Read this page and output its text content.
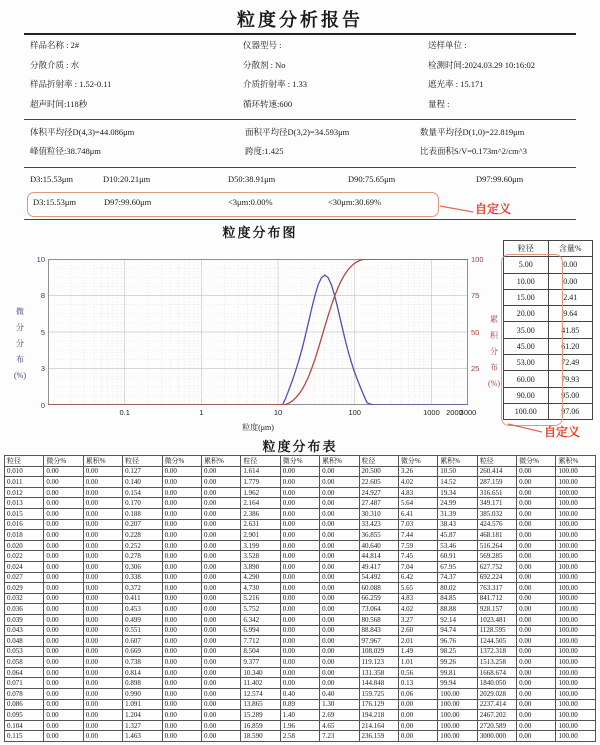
粒度分析报告
样品名称 : 2#	仪器型号 :	送样单位 :
分散介质 : 水	分散剂 : No	检测时间:2024.03.29 10:16:02
样品折射率 : 1.52-0.11	介质折射率 : 1.33	遮光率 : 15.171
超声时间:118秒	循环转速:600	量程 :
体积平均径D(4,3)=44.086μm	面积平均径D(3,2)=34.593μm	数量平均径D(1,0)=22.819μm
峰值粒径:38.748μm	跨度:1.425	比表面积S/V=0.173m^2/cm^3
自定义
粒度分布图
微
分
分
布
(%)
累
积
分
布
(%)
粒度(μm)
10
8
5
3
0
100
75
50
25
0.1	1	10	100	1000 2000
3000
粒径	含量%
5.00	0.00
10.00	0.00
15.00	2.41
20.00	9.64
35.00	41.85
45.00	61.20
53.00	72.49
60.00	79.93
90.00	95.00
100.00	97.06
自定义
粒度分布表
粒径	微分%	累积%	粒径	微分%	累积%	粒径	微分%	累积%	粒径	微分%	累积%	粒径	微分%	累积%
0.010	0.00	0.00	0.127	0.00	0.00	1.614	0.00	0.00	20.500	3.26	10.50	260.414	0.00	100.00
0.011	0.00	0.00	0.140	0.00	0.00	1.779	0.00	0.00	22.605	4.02	14.52	287.159	0.00	100.00
0.012	0.00	0.00	0.154	0.00	0.00	1.962	0.00	0.00	24.927	4.83	19.34	316.651	0.00	100.00
0.013	0.00	0.00	0.170	0.00	0.00	2.164	0.00	0.00	27.487	5.64	24.99	349.171	0.00	100.00
0.015	0.00	0.00	0.188	0.00	0.00	2.386	0.00	0.00	30.310	6.41	31.39	385.032	0.00	100.00
0.016	0.00	0.00	0.207	0.00	0.00	2.631	0.00	0.00	33.423	7.03	38.43	424.576	0.00	100.00
0.018	0.00	0.00	0.228	0.00	0.00	2.901	0.00	0.00	36.855	7.44	45.87	468.181	0.00	100.00
0.020	0.00	0.00	0.252	0.00	0.00	3.199	0.00	0.00	40.640	7.59	53.46	516.264	0.00	100.00
0.022	0.00	0.00	0.278	0.00	0.00	3.528	0.00	0.00	44.814	7.45	60.91	569.285	0.00	100.00
0.024	0.00	0.00	0.306	0.00	0.00	3.890	0.00	0.00	49.417	7.04	67.95	627.752	0.00	100.00
0.027	0.00	0.00	0.338	0.00	0.00	4.290	0.00	0.00	54.492	6.42	74.37	692.224	0.00	100.00
0.029	0.00	0.00	0.372	0.00	0.00	4.730	0.00	0.00	60.088	5.65	80.02	763.317	0.00	100.00
0.032	0.00	0.00	0.411	0.00	0.00	5.216	0.00	0.00	66.259	4.83	84.85	841.712	0.00	100.00
0.036	0.00	0.00	0.453	0.00	0.00	5.752	0.00	0.00	73.064	4.02	88.88	928.157	0.00	100.00
0.039	0.00	0.00	0.499	0.00	0.00	6.342	0.00	0.00	80.568	3.27	92.14	1023.481	0.00	100.00
0.043	0.00	0.00	0.551	0.00	0.00	6.994	0.00	0.00	88.843	2.60	94.74	1128.595	0.00	100.00
0.048	0.00	0.00	0.607	0.00	0.00	7.712	0.00	0.00	97.967	2.01	96.76	1244.505	0.00	100.00
0.053	0.00	0.00	0.669	0.00	0.00	8.504	0.00	0.00	108.029	1.49	98.25	1372.318	0.00	100.00
0.058	0.00	0.00	0.738	0.00	0.00	9.377	0.00	0.00	119.123	1.01	99.26	1513.258	0.00	100.00
0.064	0.00	0.00	0.814	0.00	0.00	10.340	0.00	0.00	131.358	0.56	99.81	1668.674	0.00	100.00
0.071	0.00	0.00	0.898	0.00	0.00	11.402	0.00	0.00	144.848	0.13	99.94	1840.050	0.00	100.00
0.078	0.00	0.00	0.990	0.00	0.00	12.574	0.40	0.40	159.725	0.06	100.00	2029.028	0.00	100.00
0.086	0.00	0.00	1.091	0.00	0.00	13.865	0.89	1.30	176.129	0.00	100.00	2237.414	0.00	100.00
0.095	0.00	0.00	1.204	0.00	0.00	15.289	1.40	2.69	194.218	0.00	100.00	2467.202	0.00	100.00
0.104	0.00	0.00	1.327	0.00	0.00	16.859	1.96	4.65	214.164	0.00	100.00	2720.589	0.00	100.00
0.115	0.00	0.00	1.463	0.00	0.00	18.590	2.58	7.23	236.159	0.00	100.00	3000.000	0.00	100.00
D3:15.53μm	D10:20.21μm	D50:38.91μm	D90:75.65μm	D97:99.60μm
D3:15.53μm	D97:99.60μm	<3μm:0.00%	<30μm:30.69%
